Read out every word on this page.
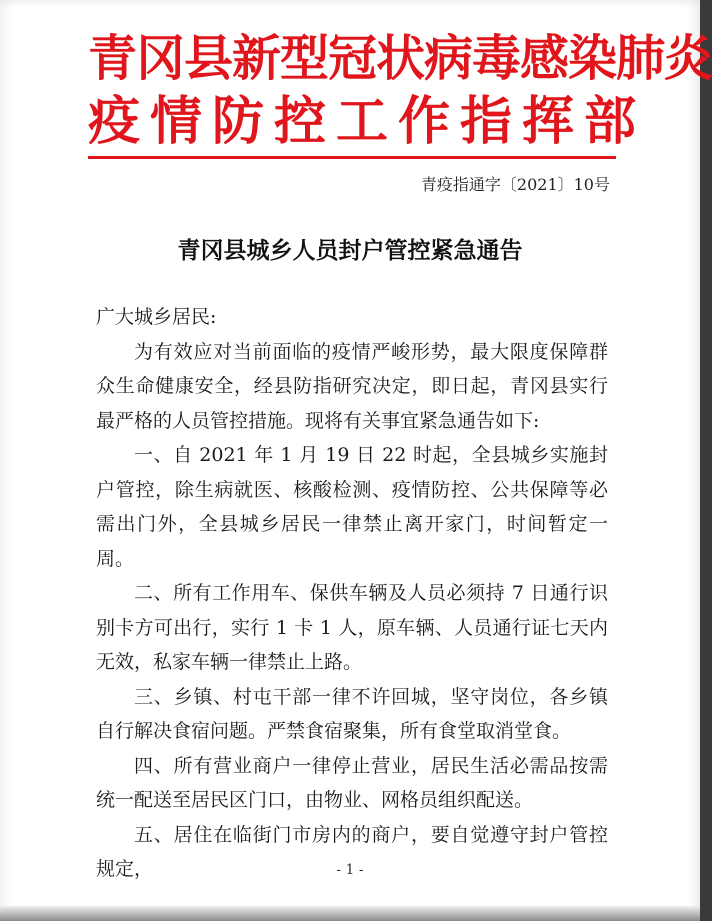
青冈县新型冠状病毒感染肺炎
疫情防控工作指挥部
青疫指通字〔2021〕10号
青冈县城乡人员封户管控紧急通告

广大城乡居民:

为有效应对当前面临的疫情严峻形势，最大限度保障群众生命健康安全，经县防指研究决定，即日起，青冈县实行最严格的人员管控措施。现将有关事宜紧急通告如下:

一、自 2021 年 1 月 19 日 22 时起，全县城乡实施封户管控，除生病就医、核酸检测、疫情防控、公共保障等必需出门外，全县城乡居民一律禁止离开家门，时间暂定一周。

二、所有工作用车、保供车辆及人员必须持 7 日通行识别卡方可出行，实行 1 卡 1 人，原车辆、人员通行证七天内无效，私家车辆一律禁止上路。

三、乡镇、村屯干部一律不许回城，坚守岗位，各乡镇自行解决食宿问题。严禁食宿聚集，所有食堂取消堂食。

四、所有营业商户一律停止营业，居民生活必需品按需统一配送至居民区门口，由物业、网格员组织配送。

五、居住在临街门市房内的商户，要自觉遵守封户管控规定，	- 1 -
